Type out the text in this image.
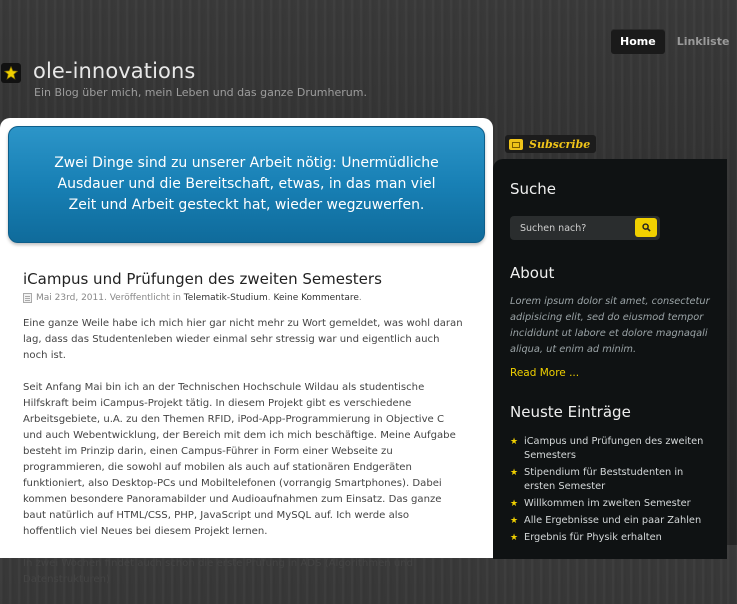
Home	Linkliste
ole-innovations
Ein Blog über mich, mein Leben und das ganze Drumherum.
Zwei Dinge sind zu unserer Arbeit nötig: Unermüdliche Ausdauer und die Bereitschaft, etwas, in das man viel Zeit und Arbeit gesteckt hat, wieder wegzuwerfen.
iCampus und Prüfungen des zweiten Semesters
Mai 23rd, 2011. Veröffentlicht in
Telematik-Studium .
Keine Kommentare .

Eine ganze Weile habe ich mich hier gar nicht mehr zu Wort gemeldet, was wohl daran lag, dass das Studentenleben wieder einmal sehr stressig war und eigentlich auch noch ist.

Seit Anfang Mai bin ich an der Technischen Hochschule Wildau als studentische Hilfskraft beim iCampus-Projekt tätig. In diesem Projekt gibt es verschiedene Arbeitsgebiete, u.A. zu den Themen RFID, iPod-App-Programmierung in Objective C und auch Webentwicklung, der Bereich mit dem ich mich beschäftige. Meine Aufgabe besteht im Prinzip darin, einen Campus-Führer in Form einer Webseite zu programmieren, die sowohl auf mobilen als auch auf stationären Endgeräten funktioniert, also Desktop-PCs und Mobiltelefonen (vorrangig Smartphones). Dabei kommen besondere Panoramabilder und Audioaufnahmen zum Einsatz. Das ganze baut natürlich auf HTML/CSS, PHP, JavaScript und MySQL auf. Ich werde also hoffentlich viel Neues bei diesem Projekt lernen.

In zwei Wochen findet auch schon die erste Prüfung in ADS (Algorithmen und Datenstrukturen)

Subscribe
Suche
Suchen nach?
About
Lorem ipsum dolor sit amet, consectetur adipisicing elit, sed do eiusmod tempor incididunt ut labore et dolore magnaqali aliqua, ut enim ad minim.
Read More ...
Neuste Einträge
★ iCampus und Prüfungen des zweiten Semesters
★ Stipendium für Beststudenten in ersten Semester
★ Willkommen im zweiten Semester
★ Alle Ergebnisse und ein paar Zahlen
★ Ergebnis für Physik erhalten
